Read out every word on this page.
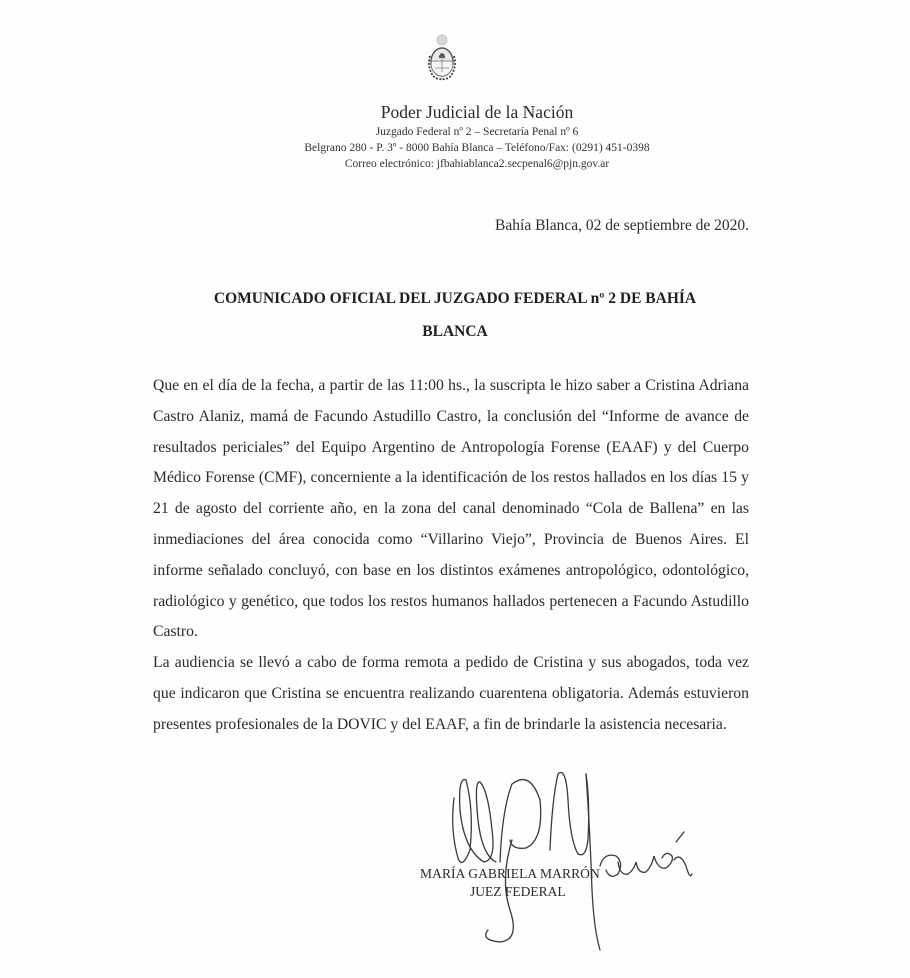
Poder Judicial de la Nación
Juzgado Federal nº 2 – Secretaría Penal nº 6
Belgrano 280 - P. 3º - 8000 Bahía Blanca – Teléfono/Fax: (0291) 451-0398
Correo electrónico: jfbahiablanca2.secpenal6@pjn.gov.ar
Bahía Blanca, 02 de septiembre de 2020.
COMUNICADO OFICIAL DEL JUZGADO FEDERAL nº 2 DE BAHÍA
BLANCA

Que en el día de la fecha, a partir de las 11:00 hs., la suscripta le hizo saber a Cristina Adriana Castro Alaniz, mamá de Facundo Astudillo Castro, la conclusión del “Informe de avance de resultados periciales” del Equipo Argentino de Antropología Forense (EAAF) y del Cuerpo Médico Forense (CMF), concerniente a la identificación de los restos hallados en los días 15 y 21 de agosto del corriente año, en la zona del canal denominado “Cola de Ballena” en las inmediaciones del área conocida como “Villarino Viejo”, Provincia de Buenos Aires. El informe señalado concluyó, con base en los distintos exámenes antropológico, odontológico, radiológico y genético, que todos los restos humanos hallados pertenecen a Facundo Astudillo Castro.

La audiencia se llevó a cabo de forma remota a pedido de Cristina y sus abogados, toda vez que indicaron que Cristina se encuentra realizando cuarentena obligatoria. Además estuvieron presentes profesionales de la DOVIC y del EAAF, a fin de brindarle la asistencia necesaria.

MARÍA GABRIELA MARRÓN
JUEZ FEDERAL
